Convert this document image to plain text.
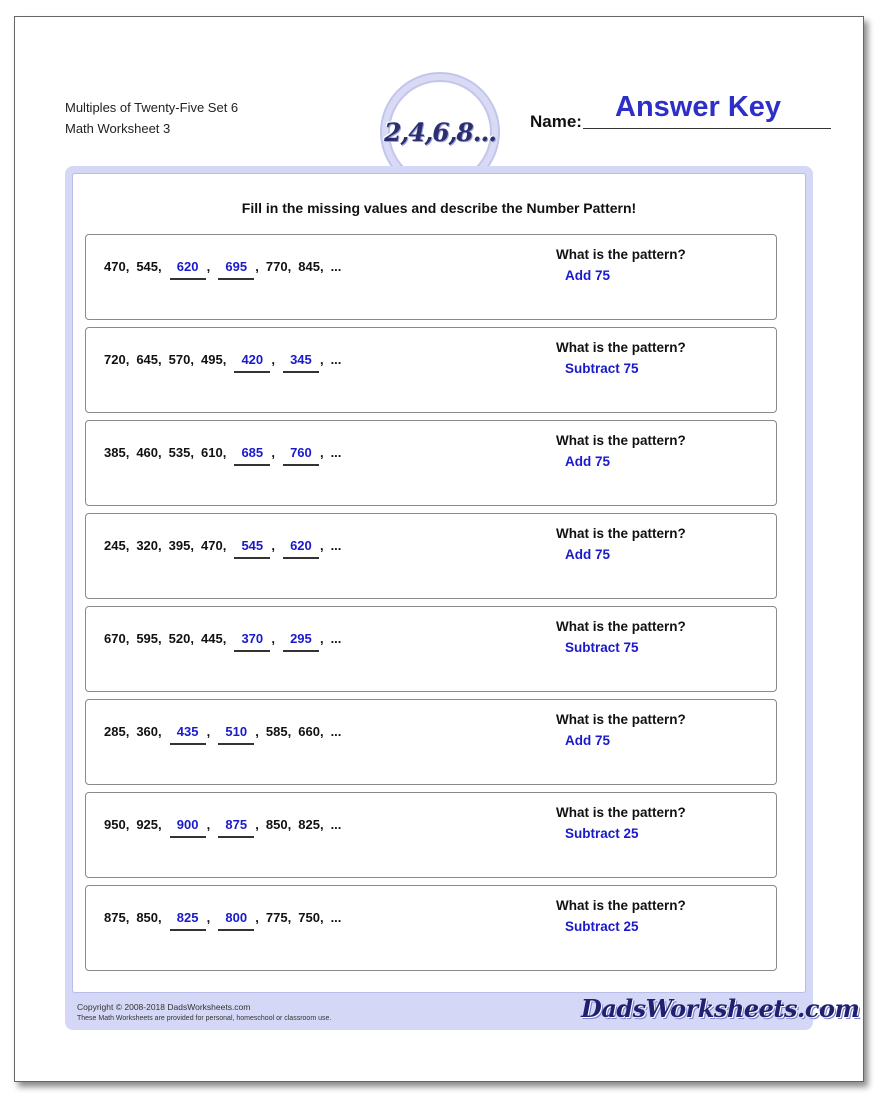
Multiples of Twenty-Five Set 6
Math Worksheet 3	2,4,6,8... Name: Answer Key
Fill in the missing values and describe the Number Pattern!
470, 545, 620 , 695 , 770, 845, ...
What is the pattern?
Add 75
720, 645, 570, 495, 420 , 345 , ...
What is the pattern?
Subtract 75
385, 460, 535, 610, 685 , 760 , ...
What is the pattern?
Add 75
245, 320, 395, 470, 545 , 620 , ...
What is the pattern?
Add 75
670, 595, 520, 445, 370 , 295 , ...
What is the pattern?
Subtract 75
285, 360, 435 , 510 , 585, 660, ...
What is the pattern?
Add 75
950, 925, 900 , 875 , 850, 825, ...
What is the pattern?
Subtract 25
875, 850, 825 , 800 , 775, 750, ...
What is the pattern?
Subtract 25
Copyright © 2008-2018 DadsWorksheets.com
These Math Worksheets are provided for personal, homeschool or classroom use.	DadsWorksheets.com
